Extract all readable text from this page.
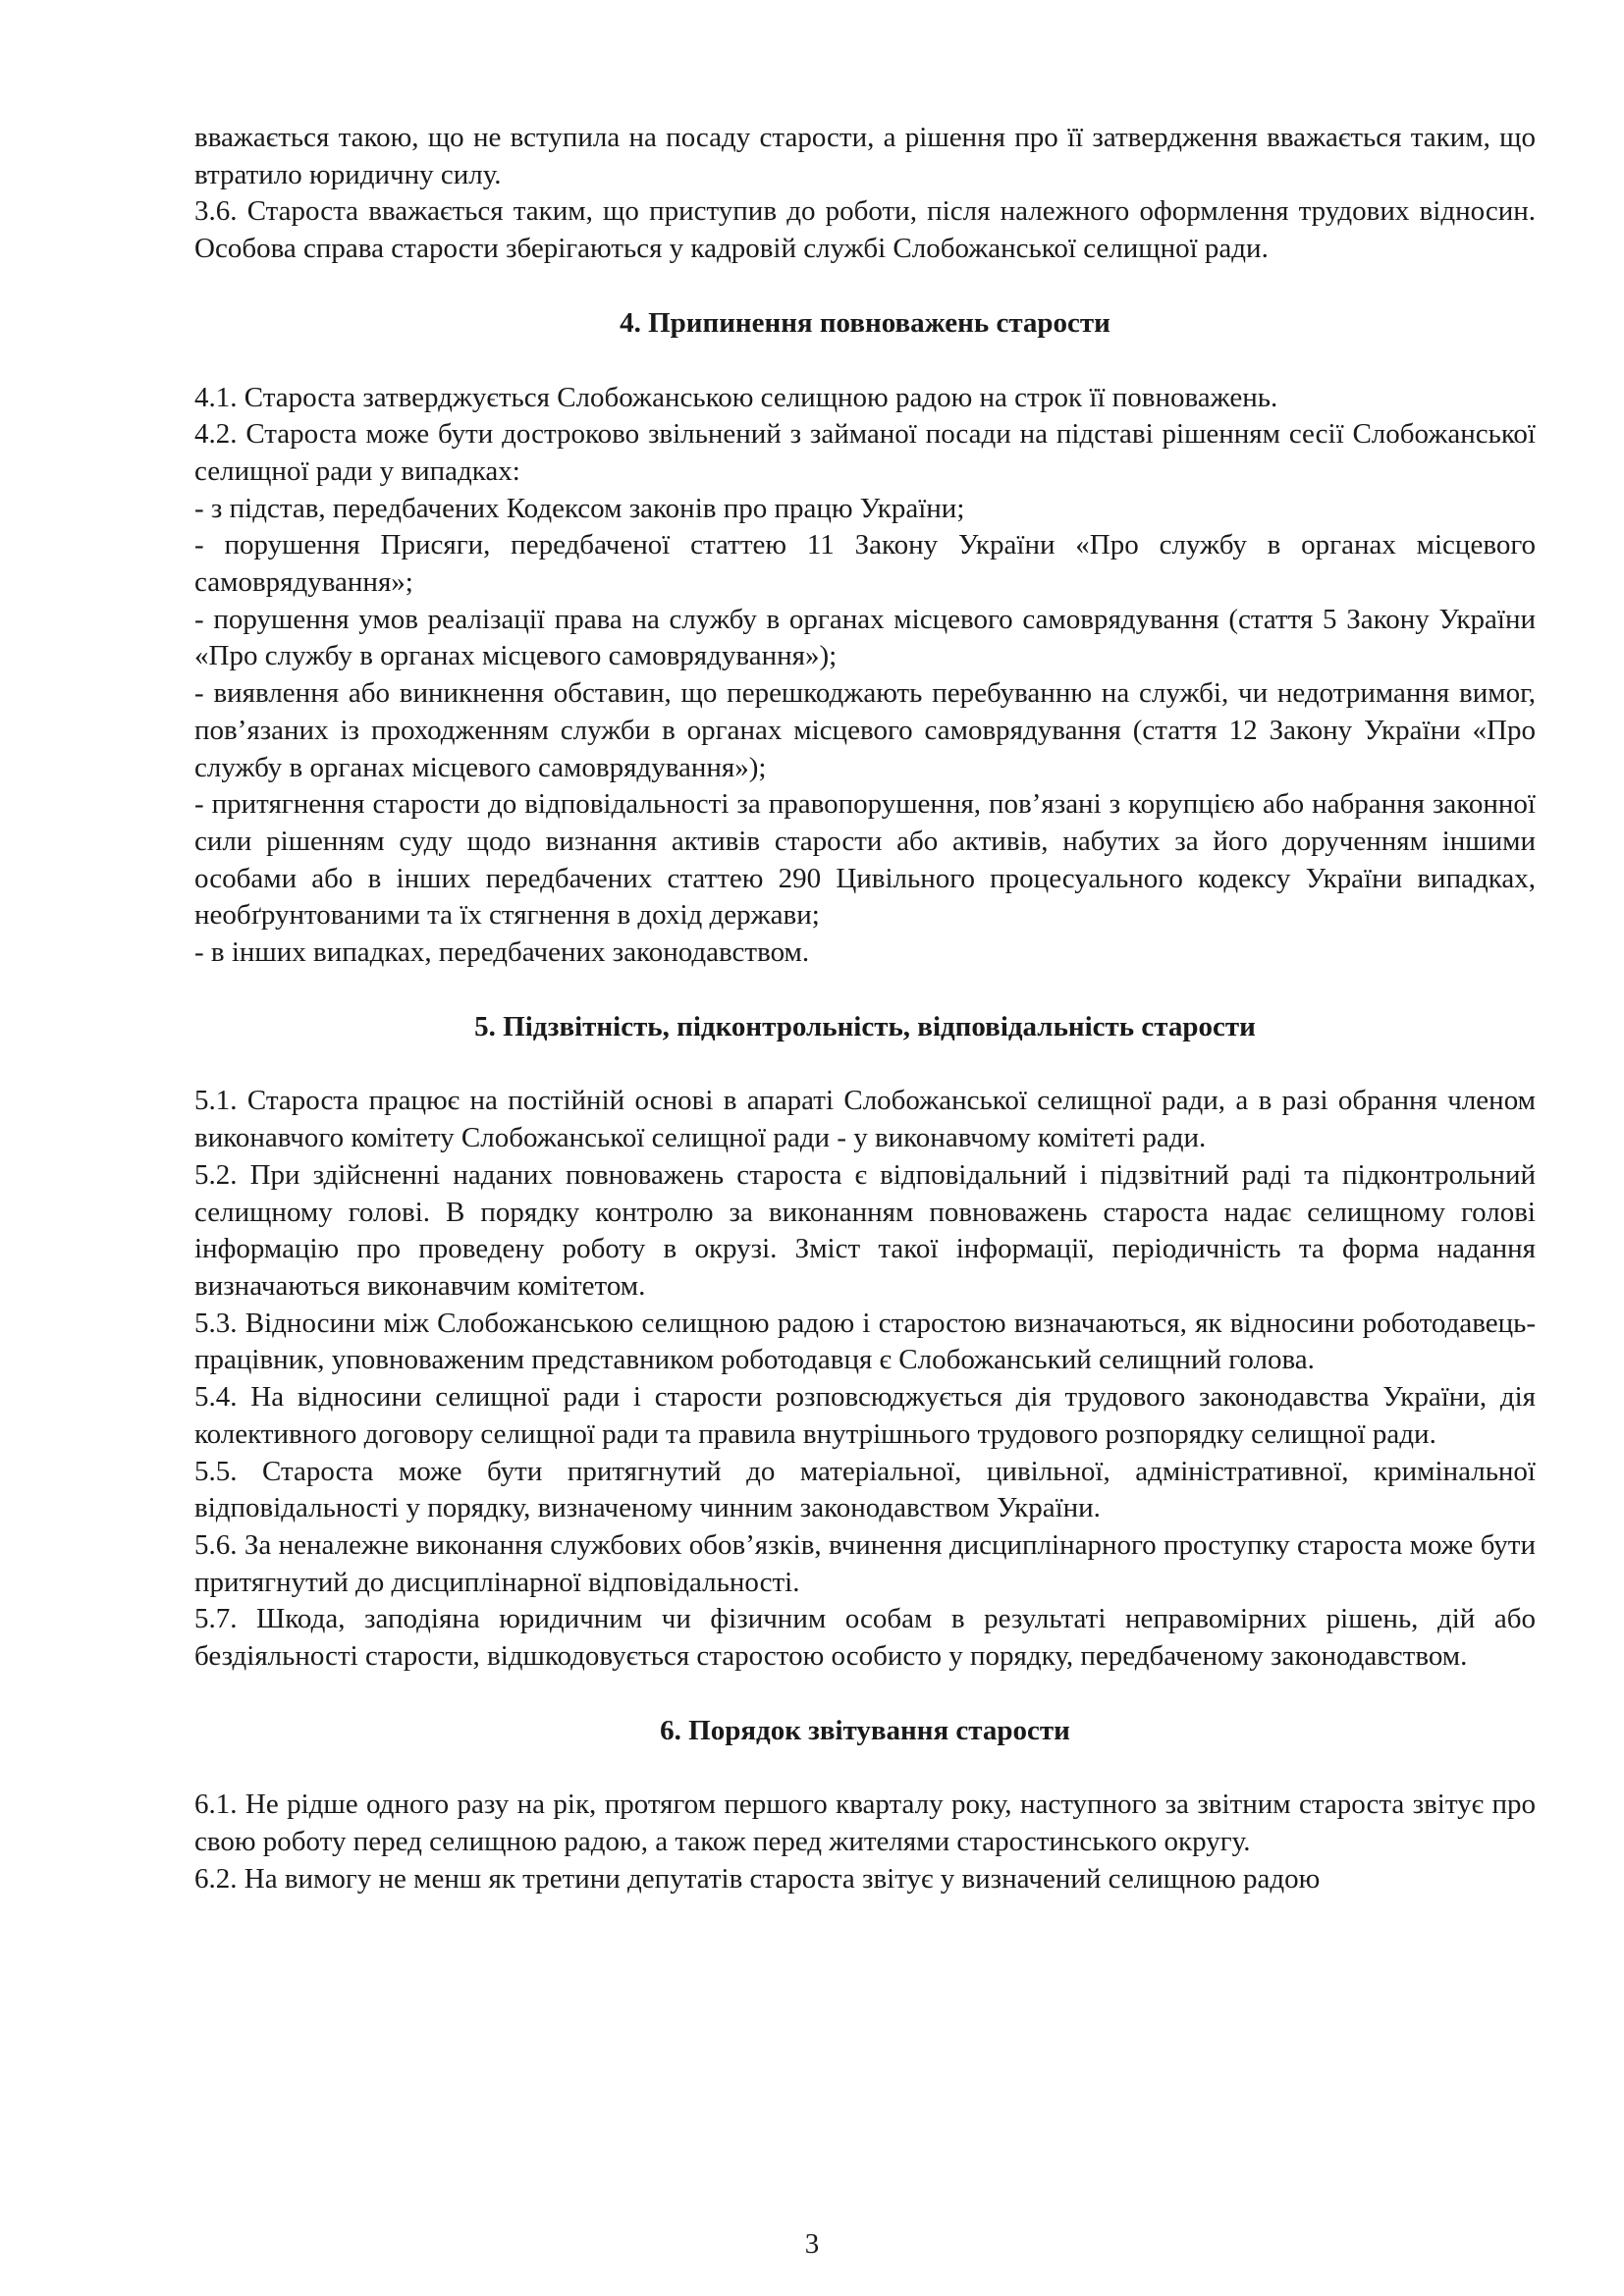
вважається такою, що не вступила на посаду старости, а рішення про її затвердження вважається таким, що втратило юридичну силу.

3.6. Староста вважається таким, що приступив до роботи, після належного оформлення трудових відносин. Особова справа старости зберігаються у кадровій службі Слобожанської селищної ради.

4. Припинення повноважень старости

4.1. Староста затверджується Слобожанською селищною радою на строк її повноважень.

4.2. Староста може бути достроково звільнений з займаної посади на підставі рішенням сесії Слобожанської селищної ради у випадках:

- з підстав, передбачених Кодексом законів про працю України;

- порушення Присяги, передбаченої статтею 11 Закону України «Про службу в органах місцевого самоврядування»;

- порушення умов реалізації права на службу в органах місцевого самоврядування (стаття 5 Закону України «Про службу в органах місцевого самоврядування»);

- виявлення або виникнення обставин, що перешкоджають перебуванню на службі, чи недотримання вимог, пов’язаних із проходженням служби в органах місцевого самоврядування (стаття 12 Закону України «Про службу в органах місцевого самоврядування»);

- притягнення старости до відповідальності за правопорушення, пов’язані з корупцією або набрання законної сили рішенням суду щодо визнання активів старости або активів, набутих за його дорученням іншими особами або в інших передбачених статтею 290 Цивільного процесуального кодексу України випадках, необґрунтованими та їх стягнення в дохід держави;

- в інших випадках, передбачених законодавством.

5. Підзвітність, підконтрольність, відповідальність старости

5.1. Староста працює на постійній основі в апараті Слобожанської селищної ради, а в разі обрання членом виконавчого комітету Слобожанської селищної ради - у виконавчому комітеті ради.

5.2. При здійсненні наданих повноважень староста є відповідальний і підзвітний раді та підконтрольний селищному голові. В порядку контролю за виконанням повноважень староста надає селищному голові інформацію про проведену роботу в окрузі. Зміст такої інформації, періодичність та форма надання визначаються виконавчим комітетом.

5.3. Відносини між Слобожанською селищною радою і старостою визначаються, як відносини роботодавець-працівник, уповноваженим представником роботодавця є Слобожанський селищний голова.

5.4. На відносини селищної ради і старости розповсюджується дія трудового законодавства України, дія колективного договору селищної ради та правила внутрішнього трудового розпорядку селищної ради.

5.5. Староста може бути притягнутий до матеріальної, цивільної, адміністративної, кримінальної відповідальності у порядку, визначеному чинним законодавством України.

5.6. За неналежне виконання службових обов’язків, вчинення дисциплінарного проступку староста може бути притягнутий до дисциплінарної відповідальності.

5.7. Шкода, заподіяна юридичним чи фізичним особам в результаті неправомірних рішень, дій або бездіяльності старости, відшкодовується старостою особисто у порядку, передбаченому законодавством.

6. Порядок звітування старости

6.1. Не рідше одного разу на рік, протягом першого кварталу року, наступного за звітним староста звітує про свою роботу перед селищною радою, а також перед жителями старостинського округу.

6.2. На вимогу не менш як третини депутатів староста звітує у визначений селищною радою

3
